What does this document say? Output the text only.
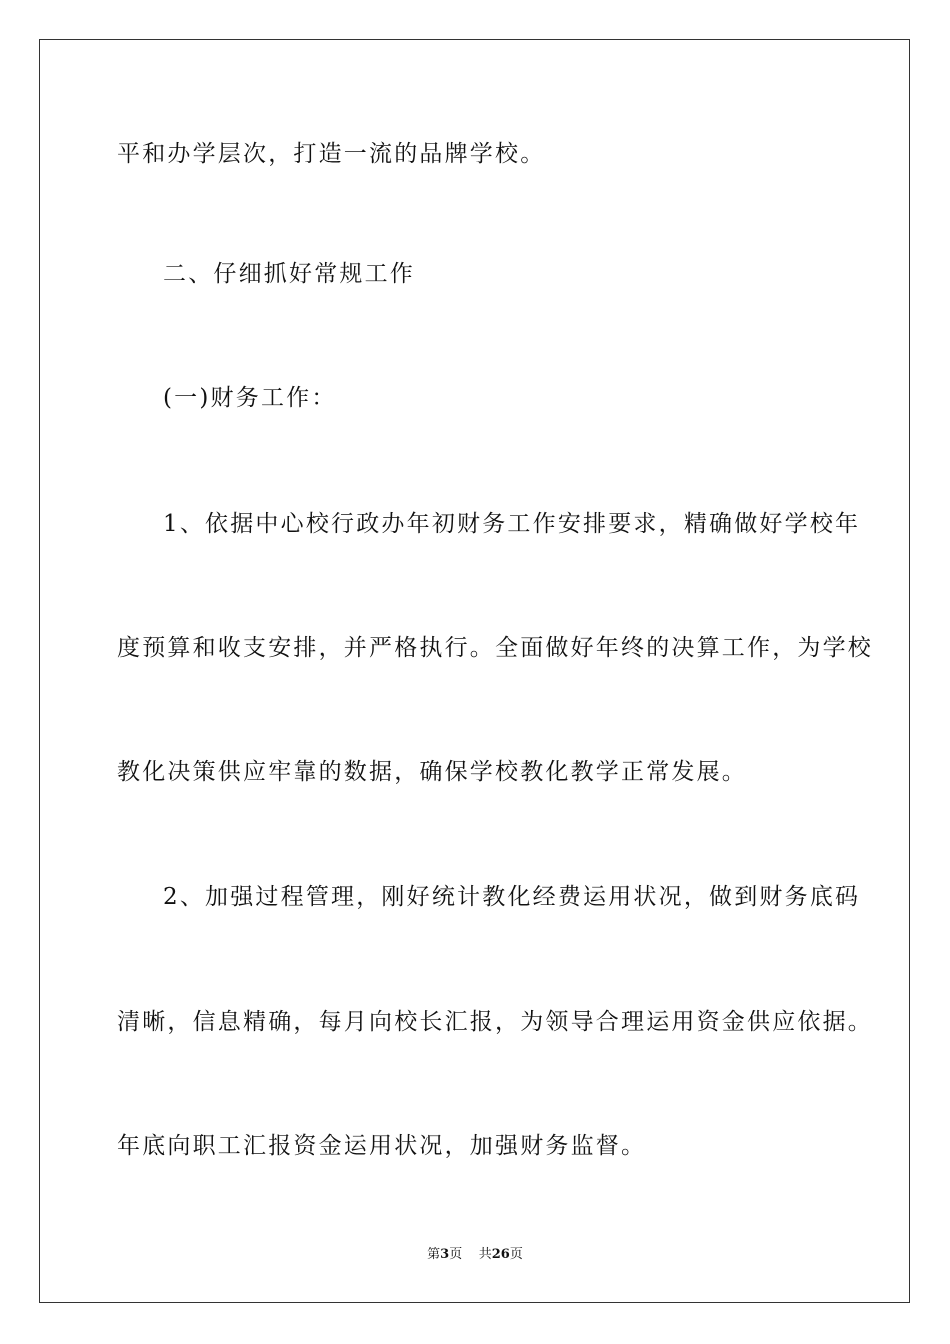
平和办学层次，打造一流的品牌学校。
二、仔细抓好常规工作
(一)财务工作：
1、依据中心校行政办年初财务工作安排要求，精确做好学校年
度预算和收支安排，并严格执行。全面做好年终的决算工作，为学校
教化决策供应牢靠的数据，确保学校教化教学正常发展。
2、加强过程管理，刚好统计教化经费运用状况，做到财务底码
清晰，信息精确，每月向校长汇报，为领导合理运用资金供应依据。
年底向职工汇报资金运用状况，加强财务监督。
第3页 共26页
